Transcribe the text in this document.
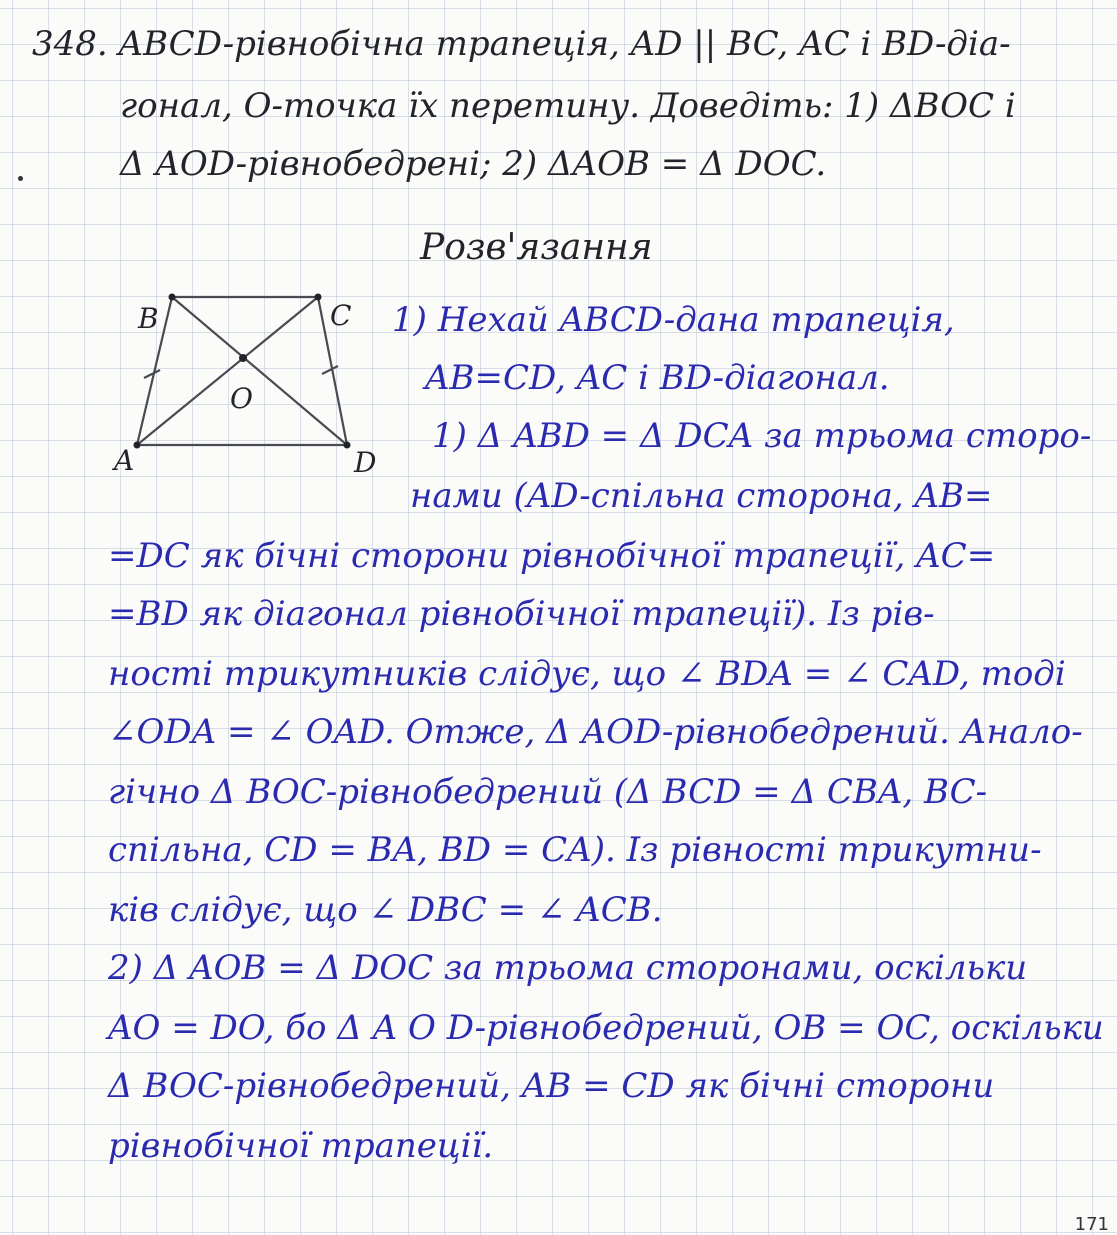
348. ABCD-рівнобічна трапеція, AD || BC, AC і BD-діа-
гонал, О-точка їх перетину. Доведіть: 1) ΔBOC і
Δ AOD-рівнобедрені; 2) ΔAOB = Δ DOC.
Розв'язання
B	C
A	D
O
1) Нехай ABCD-дана трапеція,
AB=CD, AC і BD-діагонал.
1) Δ ABD = Δ DCA за трьома сторо-
нами (AD-спільна сторона, AB=
=DC як бічні сторони рівнобічної трапеції, AC=
=BD як діагонал рівнобічної трапеції). Із рів-
ності трикутників слідує, що ∠ BDA = ∠ CAD, тоді
∠ODA = ∠ OAD. Отже, Δ AOD-рівнобедрений. Анало-
гічно Δ BOC-рівнобедрений (Δ BCD = Δ CBA, BC-
спільна, CD = BA, BD = CA). Із рівності трикутни-
ків слідує, що ∠ DBC = ∠ ACB.
2) Δ AOB = Δ DOC за трьома сторонами, оскільки
AO = DO, бо Δ A O D-рівнобедрений, OB = OC, оскільки
Δ BOC-рівнобедрений, AB = CD як бічні сторони
рівнобічної трапеції.
171
